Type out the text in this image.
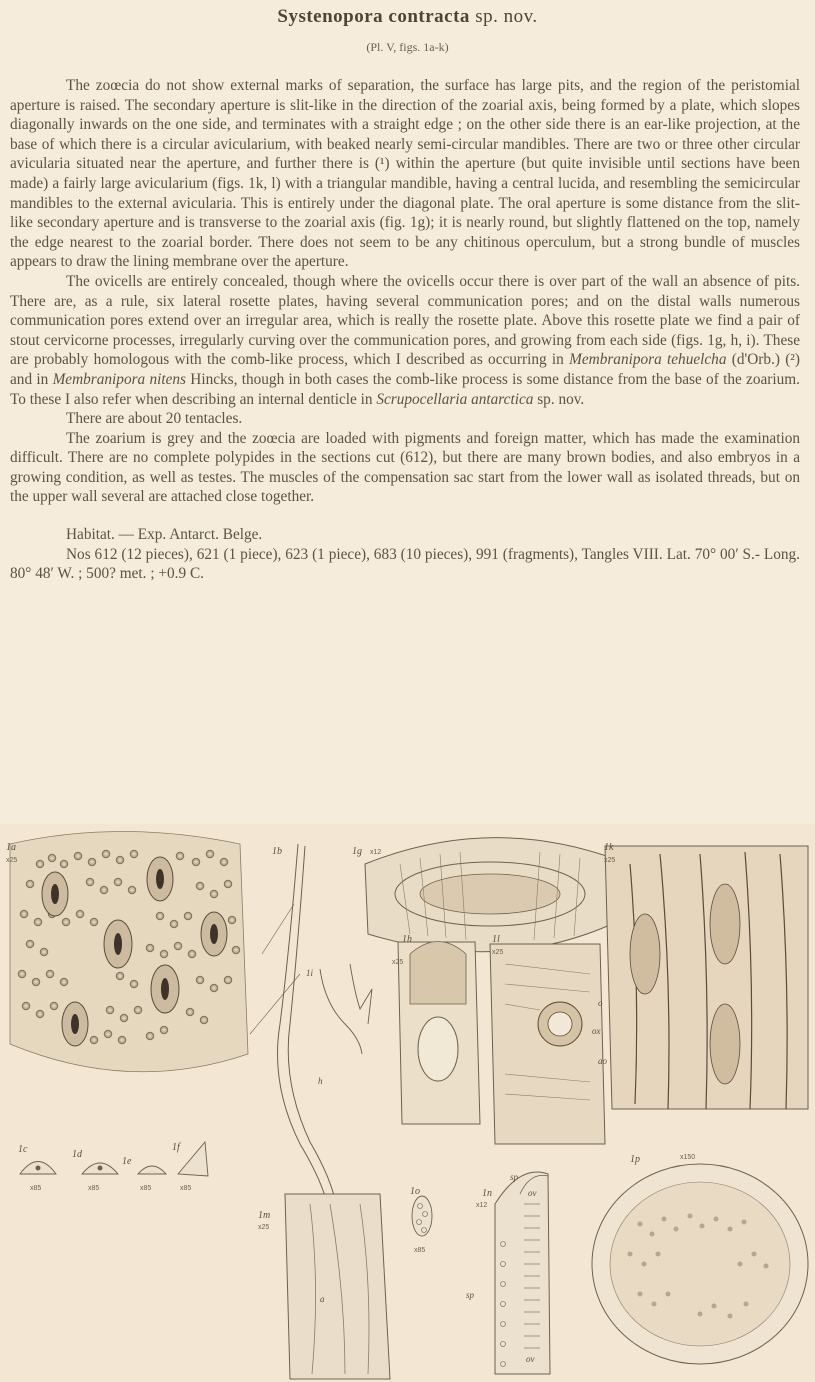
Systenopora contracta sp. nov.
(Pl. V, figs. 1a-k)

The zoœcia do not show external marks of separation, the surface has large pits, and the region of the peristomial aperture is raised. The secondary aperture is slit-like in the direction of the zoarial axis, being formed by a plate, which slopes diagonally inwards on the one side, and terminates with a straight edge ; on the other side there is an ear-like projection, at the base of which there is a circular avicularium, with beaked nearly semi-circular mandibles. There are two or three other circular avicularia situated near the aperture, and further there is (¹) within the aperture (but quite invisible until sections have been made) a fairly large avicularium (figs. 1k, l) with a triangular mandible, having a central lucida, and resembling the semicircular mandibles to the external avicularia. This is entirely under the diagonal plate. The oral aperture is some distance from the slit-like secondary aperture and is transverse to the zoarial axis (fig. 1g); it is nearly round, but slightly flattened on the top, namely the edge nearest to the zoarial border. There does not seem to be any chitinous operculum, but a strong bundle of muscles appears to draw the lining membrane over the aperture.

The ovicells are entirely concealed, though where the ovicells occur there is over part of the wall an absence of pits. There are, as a rule, six lateral rosette plates, having several communication pores; and on the distal walls numerous communication pores extend over an irregular area, which is really the rosette plate. Above this rosette plate we find a pair of stout cervicorne processes, irregularly curving over the communication pores, and growing from each side (figs. 1g, h, i). These are probably homologous with the comb-like process, which I described as occurring in Membranipora tehuelcha (d'Orb.) (²) and in Membranipora nitens Hincks, though in both cases the comb-like process is some distance from the base of the zoarium. To these I also refer when describing an internal denticle in Scrupocellaria antarctica sp. nov.

There are about 20 tentacles.

The zoarium is grey and the zoœcia are loaded with pigments and foreign matter, which has made the examination difficult. There are no complete polypides in the sections cut (612), but there are many brown bodies, and also embryos in a growing condition, as well as testes. The muscles of the compensation sac start from the lower wall as isolated threads, but on the upper wall several are attached close together.

Habitat. — Exp. Antarct. Belge.

Nos 612 (12 pieces), 621 (1 piece), 623 (1 piece), 683 (10 pieces), 991 (fragments), Tangles VIII. Lat. 70° 00′ S.- Long. 80° 48′ W. ; 500? met. ; +0.9 C.

1a
x25
1b
h
1i
1g x12
1h
x25
1l
x25
o
ox
ao
1k
x25
1p	x150
1c	1d
1e
1f
x85	x85	x85	x85
1m
x25
a
1o
x85
1n
x12
sp
ov
sp
ov
